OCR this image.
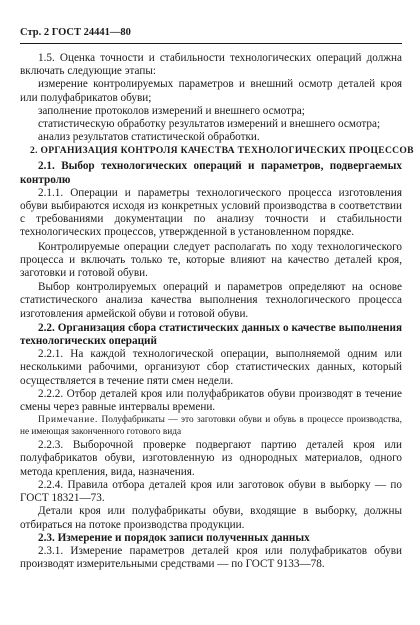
Стр. 2 ГОСТ 24441—80

1.5. Оценка точности и стабильности технологических операций должна включать следующие этапы:

измерение контролируемых параметров и внешний осмотр деталей кроя или полуфабрикатов обуви;

заполнение протоколов измерений и внешнего осмотра;

статистическую обработку результатов измерений и внешнего осмотра;

анализ результатов статистической обработки.

2. ОРГАНИЗАЦИЯ КОНТРОЛЯ КАЧЕСТВА ТЕХНОЛОГИЧЕСКИХ ПРОЦЕССОВ

2.1. Выбор технологических операций и параметров, подвергаемых контролю

2.1.1. Операции и параметры технологического процесса изготовления обуви выбираются исходя из конкретных условий производства в соответствии с требованиями документации по анализу точности и стабильности технологических процессов, утвержденной в установленном порядке.

Контролируемые операции следует располагать по ходу технологического процесса и включать только те, которые влияют на качество деталей кроя, заготовки и готовой обуви.

Выбор контролируемых операций и параметров определяют на основе статистического анализа качества выполнения технологического процесса изготовления армейской обуви и готовой обуви.

2.2. Организация сбора статистических данных о качестве выполнения технологических операций

2.2.1. На каждой технологической операции, выполняемой одним или несколькими рабочими, организуют сбор статистических данных, который осуществляется в течение пяти смен недели.

2.2.2. Отбор деталей кроя или полуфабрикатов обуви производят в течение смены через равные интервалы времени.

Примечание. Полуфабрикаты — это заготовки обуви и обувь в процессе производства, не имеющая законченного готового вида

2.2.3. Выборочной проверке подвергают партию деталей кроя или полуфабрикатов обуви, изготовленную из однородных материалов, одного метода крепления, вида, назначения.

2.2.4. Правила отбора деталей кроя или заготовок обуви в выборку — по ГОСТ 18321—73.

Детали кроя или полуфабрикаты обуви, входящие в выборку, должны отбираться на потоке производства продукции.

2.3. Измерение и порядок записи полученных данных

2.3.1. Измерение параметров деталей кроя или полуфабрикатов обуви производят измерительными средствами — по ГОСТ 9133—78.
